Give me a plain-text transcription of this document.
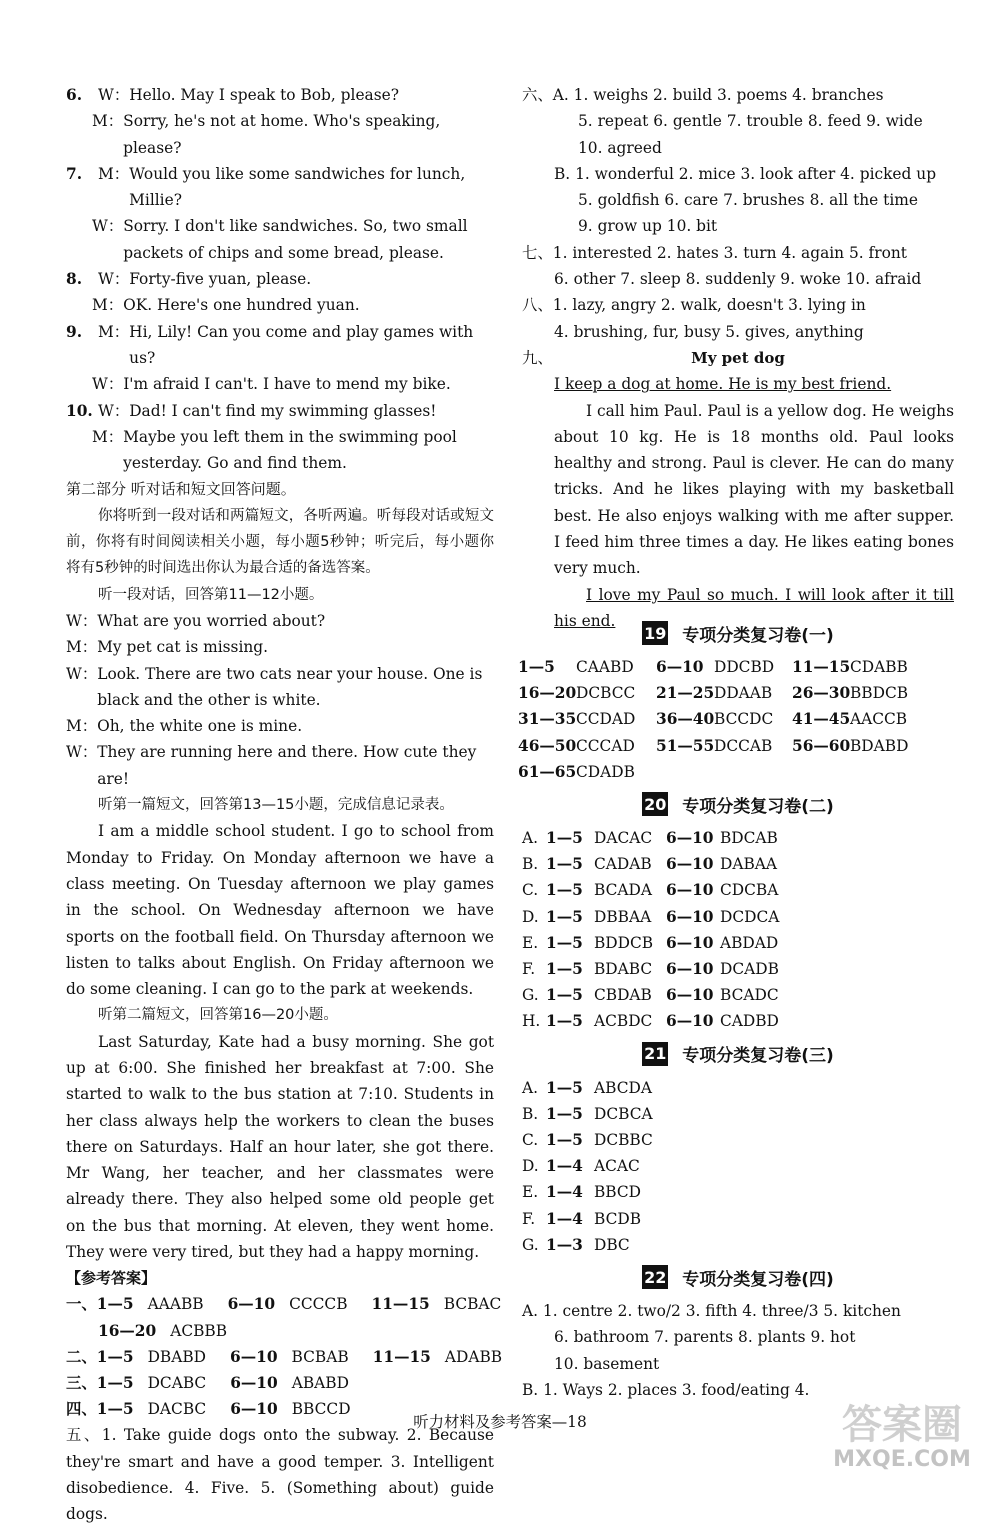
6.	W： Hello. May I speak to Bob, please?
M： Sorry, he's not at home. Who's speaking, please?
7.	M： Would you like some sandwiches for lunch, Millie?
W： Sorry. I don't like sandwiches. So, two small packets of chips and some bread, please.
8.	W： Forty-five yuan, please.
M： OK. Here's one hundred yuan.
9.	M： Hi, Lily! Can you come and play games with us?
W： I'm afraid I can't. I have to mend my bike.
10. W： Dad! I can't find my swimming glasses!
M： Maybe you left them in the swimming pool yesterday. Go and find them.
第二部分 听对话和短文回答问题。
你将听到一段对话和两篇短文，各听两遍。听每段对话或短文前，你将有时间阅读相关小题，每小题5秒钟；听完后，每小题你将有5秒钟的时间选出你认为最合适的备选答案。
听一段对话，回答第11—12小题。
W： What are you worried about?
M： My pet cat is missing.
W： Look. There are two cats near your house. One is black and the other is white.
M： Oh, the white one is mine.
W： They are running here and there. How cute they are!
听第一篇短文，回答第13—15小题，完成信息记录表。
I am a middle school student. I go to school from Monday to Friday. On Monday afternoon we have a class meeting. On Tuesday afternoon we play games in the school. On Wednesday afternoon we have sports on the football field. On Thursday afternoon we listen to talks about English. On Friday afternoon we do some cleaning. I can go to the park at weekends.
听第二篇短文，回答第16—20小题。
Last Saturday, Kate had a busy morning. She got up at 6:00. She finished her breakfast at 7:00. She started to walk to the bus station at 7:10. Students in her class always help the workers to clean the buses there on Saturdays. Half an hour later, she got there. Mr Wang, her teacher, and her classmates were already there. They also helped some old people get on the bus that morning. At eleven, they went home. They were very tired, but they had a happy morning.
【参考答案】
一、1—5 AAABB 6—10 CCCCB 11—15 BCBAC
16—20 ACBBB
二、1—5 DBABD 6—10 BCBAB 11—15 ADABB
三、1—5 DCABC 6—10 ABABD
四、1—5 DACBC 6—10 BBCCD
五、1. Take guide dogs onto the subway. 2. Because they're smart and have a good temper. 3. Intelligent disobedience. 4. Five. 5. (Something about) guide dogs.
六、A. 1. weighs 2. build 3. poems 4. branches
5. repeat 6. gentle 7. trouble 8. feed 9. wide
10. agreed
B. 1. wonderful 2. mice 3. look after 4. picked up
5. goldfish 6. care 7. brushes 8. all the time
9. grow up 10. bit
七、1. interested 2. hates 3. turn 4. again 5. front
6. other 7. sleep 8. suddenly 9. woke 10. afraid
八、1. lazy, angry 2. walk, doesn't 3. lying in
4. brushing, fur, busy 5. gives, anything
九、	My pet dog
I keep a dog at home. He is my best friend.
I call him Paul. Paul is a yellow dog. He weighs about 10 kg. He is 18 months old. Paul looks healthy and strong. Paul is clever. He can do many tricks. And he likes playing with my basketball best. He also enjoys walking with me after supper. I feed him three times a day. He likes eating bones very much.
I love my Paul so much. I will look after it till his end.
19 专项分类复习卷(一)
1—5 CAABD	6—10 DDCBD	11—15CDABB
16—20DCBCC	21—25DDAAB	26—30BBDCB
31—35CCDAD	36—40BCCDC	41—45AACCB
46—50CCCAD	51—55DCCAB	56—60BDABD
61—65CDADB
20 专项分类复习卷(二)
A. 1—5 DACAC 6—10 BDCAB
B. 1—5 CADAB 6—10 DABAA
C. 1—5 BCADA 6—10 CDCBA
D. 1—5 DBBAA 6—10 DCDCA
E. 1—5 BDDCB 6—10 ABDAD
F. 1—5 BDABC 6—10 DCADB
G. 1—5 CBDAB 6—10 BCADC
H. 1—5 ACBDC 6—10 CADBD
21 专项分类复习卷(三)
A. 1—5 ABCDA
B. 1—5 DCBCA
C. 1—5 DCBBC
D. 1—4 ACAC
E. 1—4 BBCD
F. 1—4 BCDB
G. 1—3 DBC
22 专项分类复习卷(四)
A. 1. centre 2. two/2 3. fifth 4. three/3 5. kitchen
6. bathroom 7. parents 8. plants 9. hot
10. basement
B. 1. Ways 2. places 3. food/eating 4.
听力材料及参考答案—18	答案圈
MXQE.COM
